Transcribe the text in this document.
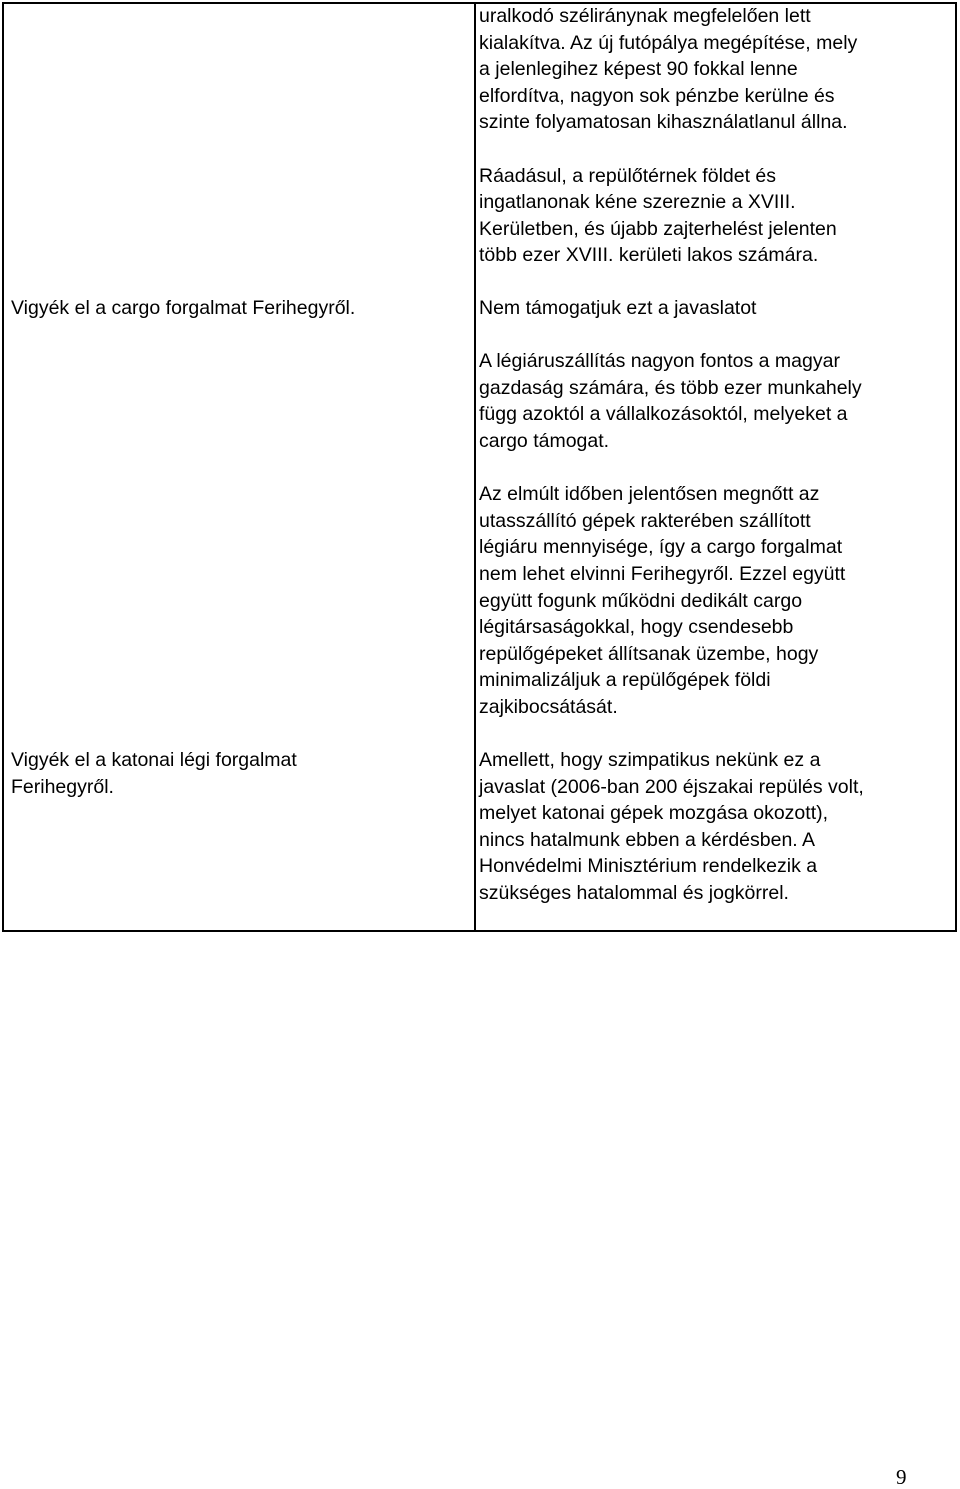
uralkodó széliránynak megfelelően lett
kialakítva. Az új futópálya megépítése, mely
a jelenlegihez képest 90 fokkal lenne
elfordítva, nagyon sok pénzbe kerülne és
szinte folyamatosan kihasználatlanul állna.
Ráadásul, a repülőtérnek földet és
ingatlanonak kéne szereznie a XVIII.
Kerületben, és újabb zajterhelést jelenten
több ezer XVIII. kerületi lakos számára.
Vigyék el a cargo forgalmat Ferihegyről.	Nem támogatjuk ezt a javaslatot
A légiáruszállítás nagyon fontos a magyar
gazdaság számára, és több ezer munkahely
függ azoktól a vállalkozásoktól, melyeket a
cargo támogat.
Az elmúlt időben jelentősen megnőtt az
utasszállító gépek rakterében szállított
légiáru mennyisége, így a cargo forgalmat
nem lehet elvinni Ferihegyről. Ezzel együtt
együtt fogunk működni dedikált cargo
légitársaságokkal, hogy csendesebb
repülőgépeket állítsanak üzembe, hogy
minimalizáljuk a repülőgépek földi
zajkibocsátását.
Vigyék el a katonai légi forgalmat
Ferihegyről.
Amellett, hogy szimpatikus nekünk ez a
javaslat (2006-ban 200 éjszakai repülés volt,
melyet katonai gépek mozgása okozott),
nincs hatalmunk ebben a kérdésben. A
Honvédelmi Minisztérium rendelkezik a
szükséges hatalommal és jogkörrel.
9
